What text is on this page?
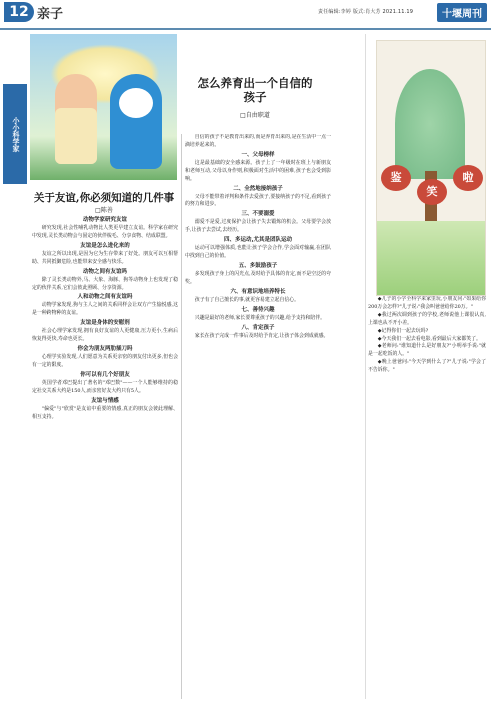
12 亲子	责任编辑:李婷 版式:肖大芳 2021.11.19	十堰周刊
小小科学家
关于友谊,你必须知道的几件事
□陈善
动物学家研究友谊

研究发现,社会性哺乳动物比人类更早建立友谊。科学家在研究中发现,灵长类动物会与固定的伙伴梳毛、分享食物、结成联盟。

友谊是怎么进化来的

友谊之所以出现,是因为它为生存带来了好处。朋友可以互相帮助、共同抵御危险,也能带来安全感与快乐。

动物之间有友谊吗

除了灵长类动物外,马、大象、海豚、狗等动物身上也发现了稳定的伙伴关系,它们会彼此照顾、分享资源。

人和动物之间有友谊吗

动物学家发现,狗与主人之间的关系同样会让双方产生愉悦感,这是一种跨物种的友谊。

友谊是身体的安慰剂

社会心理学家发现,拥有良好友谊的人更健康,压力更小,生病后恢复得更快,寿命也更长。

你会为朋友两肋插刀吗

心理学实验发现,人们愿意为关系更亲密的朋友付出更多,但也会有一定的限度。

你可以有几个好朋友

英国学者邓巴提出了著名的"邓巴数"——一个人能够维持的稳定社交关系大约是150人,而亲密好友大约只有5人。

友谊与情感

"偏爱"与"欣赏"是友谊中重要的情感,真正的朋友会彼此理解、相互支持。

怎么养育出一个自信的孩子
□自由职道

自信的孩子不是教育出来的,而是养育出来的,是在生活中一点一滴培养起来的。

一、父母榜样

这是最基础的安全感来源。孩子上了一年级时在班上与新朋友和老师互动,父母以身作则,积极面对生活中的困难,孩子也会受到影响。

二、全然地接纳孩子

父母不能带着评判和条件去爱孩子,要接纳孩子的不足,看到孩子的努力和进步。

三、不要溺爱

溺爱不是爱,过度保护会让孩子失去锻炼的机会。父母要学会放手,让孩子去尝试,去经历。

四、多运动,尤其是团队运动

运动可以增强体质,也能让孩子学会合作,学会面对输赢,在团队中找到自己的价值。

五、多鼓励孩子

多发现孩子身上的闪光点,及时给予具体的肯定,而不是空泛的夸奖。

六、有意识地培养特长

孩子有了自己擅长的事,就更容易建立起自信心。

七、善待兴趣

兴趣是最好的老师,家长要尊重孩子的兴趣,给予支持和陪伴。

八、肯定孩子

家长在孩子完成一件事后及时给予肯定,让孩子体会到成就感。

鉴
笑
啦

◆儿子的小学全科学来家里玩,小朋友问:"如果给你200万会怎样?"儿子说:"我会叫爸爸给你20万。"

◆我过两次调到孩子的学校,老师说他上课很认真,上课也从不开小差。

◆记得你们一起去玩吗?

◆今天我们一起去看电影,看到最后大家都笑了。

◆老师问:"谁知道什么是好朋友?"小明举手说:"就是一起吃饭的人。"

◆晚上爸爸问:"今天学到什么了?"儿子说:"学会了不告诉你。"
